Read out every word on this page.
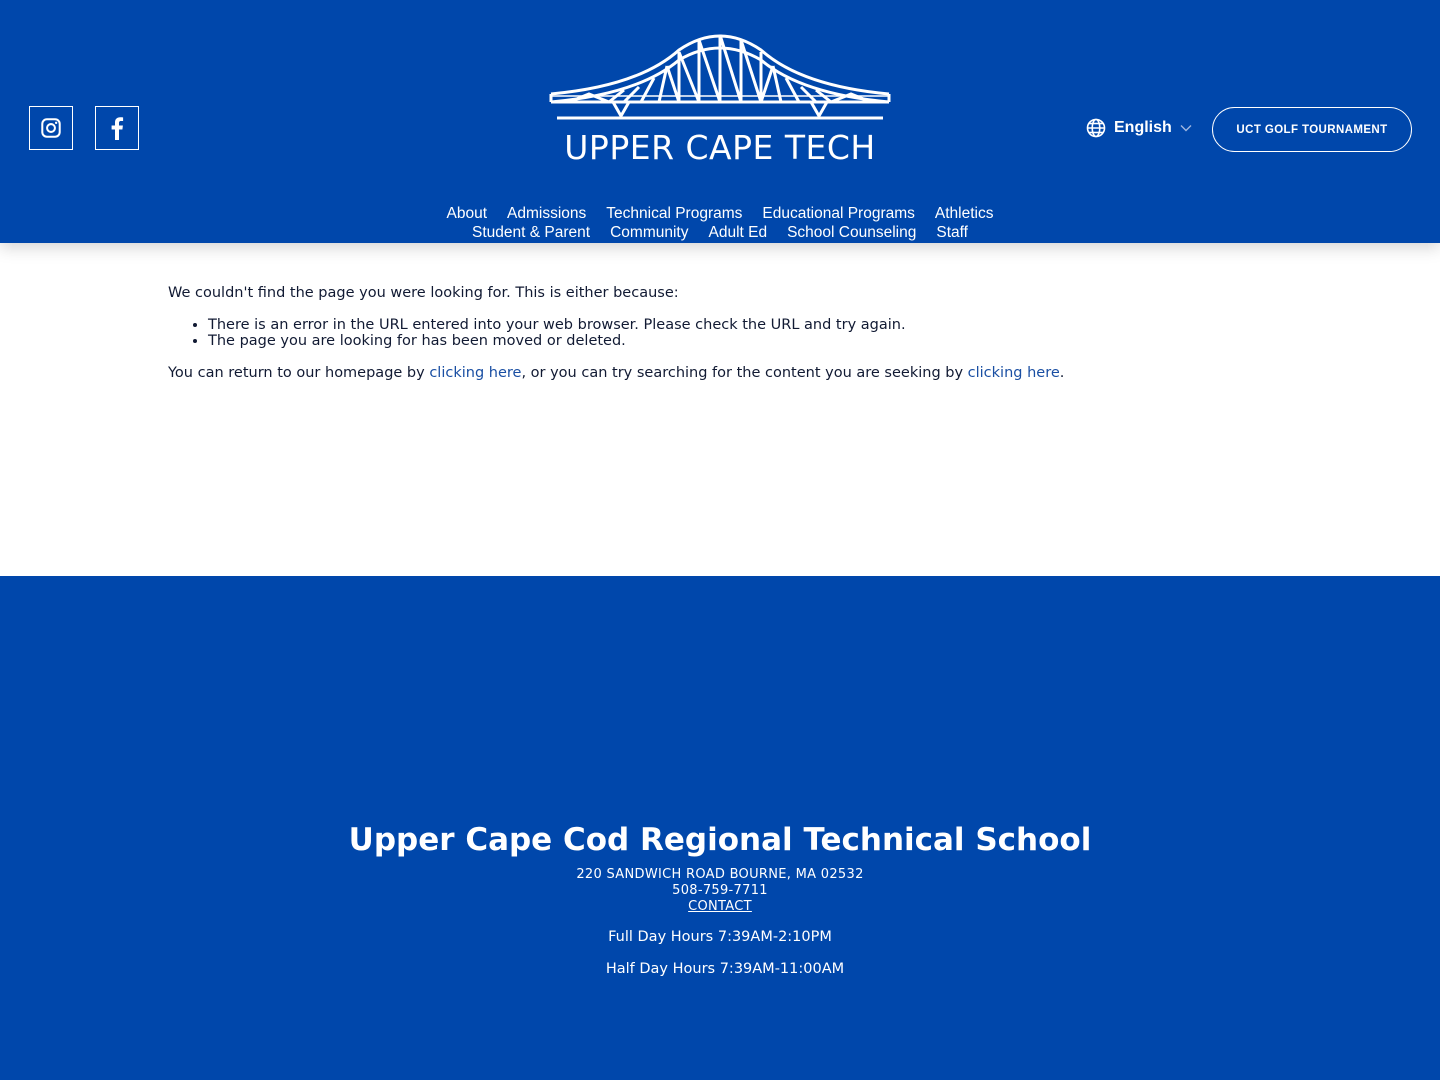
UPPER CAPE TECH
English	UCT GOLF TOURNAMENT
About Admissions Technical Programs Educational Programs Athletics
Student & Parent Community Adult Ed School Counseling Staff

We couldn't find the page you were looking for. This is either because:

• There is an error in the URL entered into your web browser. Please check the URL and try again.
• The page you are looking for has been moved or deleted.

You can return to our homepage by clicking here, or you can try searching for the content you are seeking by clicking here.

Upper Cape Cod Regional Technical School
220 SANDWICH ROAD BOURNE, MA 02532
508-759-7711
CONTACT
Full Day Hours 7:39AM-2:10PM
Half Day Hours 7:39AM-11:00AM
